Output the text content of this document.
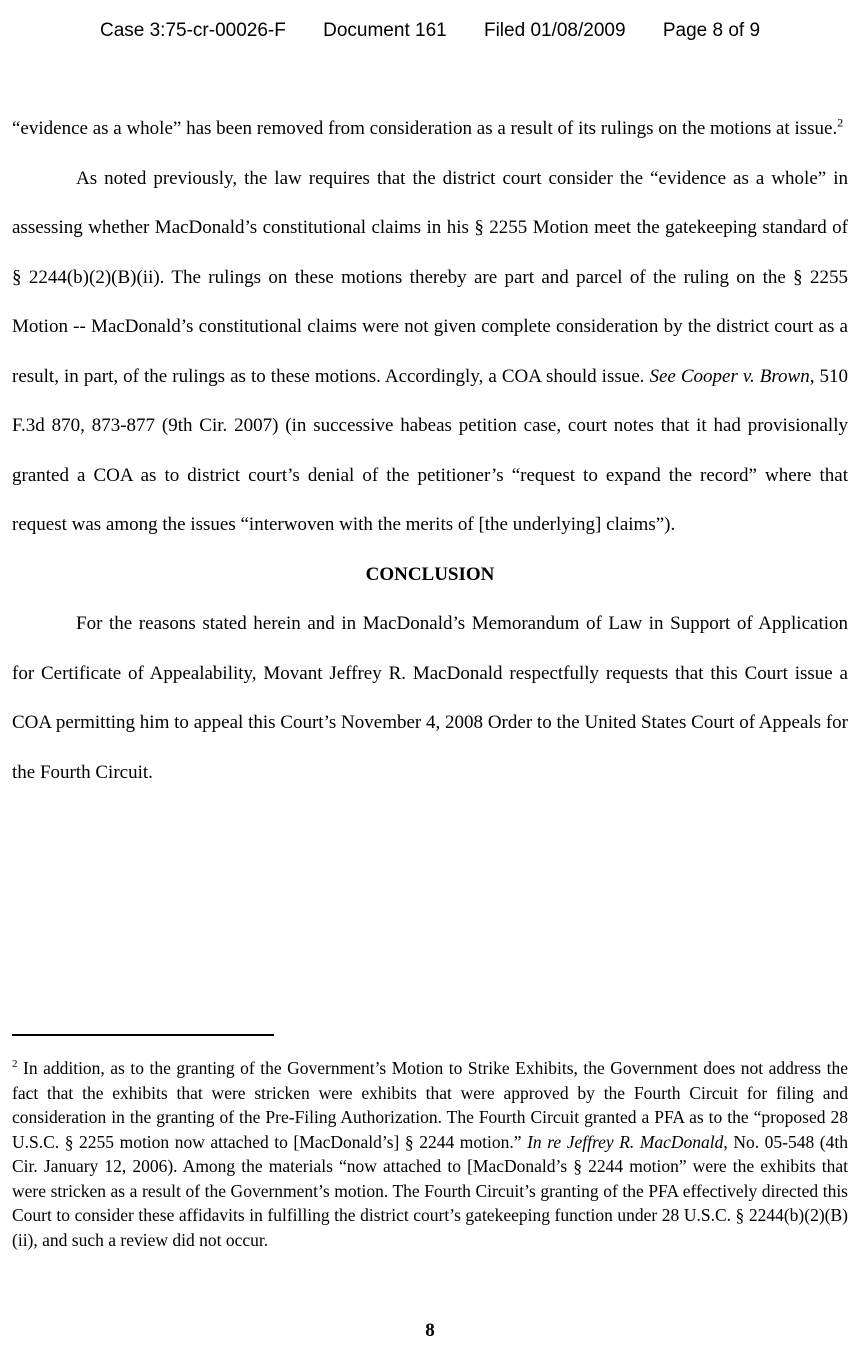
Case 3:75-cr-00026-F Document 161 Filed 01/08/2009 Page 8 of 9

“evidence as a whole” has been removed from consideration as a result of its rulings on the motions at issue.$^2$

As noted previously, the law requires that the district court consider the “evidence as a whole” in assessing whether MacDonald’s constitutional claims in his § 2255 Motion meet the gatekeeping standard of § 2244(b)(2)(B)(ii). The rulings on these motions thereby are part and parcel of the ruling on the § 2255 Motion -- MacDonald’s constitutional claims were not given complete consideration by the district court as a result, in part, of the rulings as to these motions. Accordingly, a COA should issue. See Cooper v. Brown, 510 F.3d 870, 873-877 (9th Cir. 2007) (in successive habeas petition case, court notes that it had provisionally granted a COA as to district court’s denial of the petitioner’s “request to expand the record” where that request was among the issues “interwoven with the merits of [the underlying] claims”).

CONCLUSION

For the reasons stated herein and in MacDonald’s Memorandum of Law in Support of Application for Certificate of Appealability, Movant Jeffrey R. MacDonald respectfully requests that this Court issue a COA permitting him to appeal this Court’s November 4, 2008 Order to the United States Court of Appeals for the Fourth Circuit.

$^2$ In addition, as to the granting of the Government’s Motion to Strike Exhibits, the Government does not address the fact that the exhibits that were stricken were exhibits that were approved by the Fourth Circuit for filing and consideration in the granting of the Pre-Filing Authorization. The Fourth Circuit granted a PFA as to the “proposed 28 U.S.C. § 2255 motion now attached to [MacDonald’s] § 2244 motion.” In re Jeffrey R. MacDonald, No. 05-548 (4th Cir. January 12, 2006). Among the materials “now attached to [MacDonald’s § 2244 motion” were the exhibits that were stricken as a result of the Government’s motion. The Fourth Circuit’s granting of the PFA effectively directed this Court to consider these affidavits in fulfilling the district court’s gatekeeping function under 28 U.S.C. § 2244(b)(2)(B)(ii), and such a review did not occur.
8
